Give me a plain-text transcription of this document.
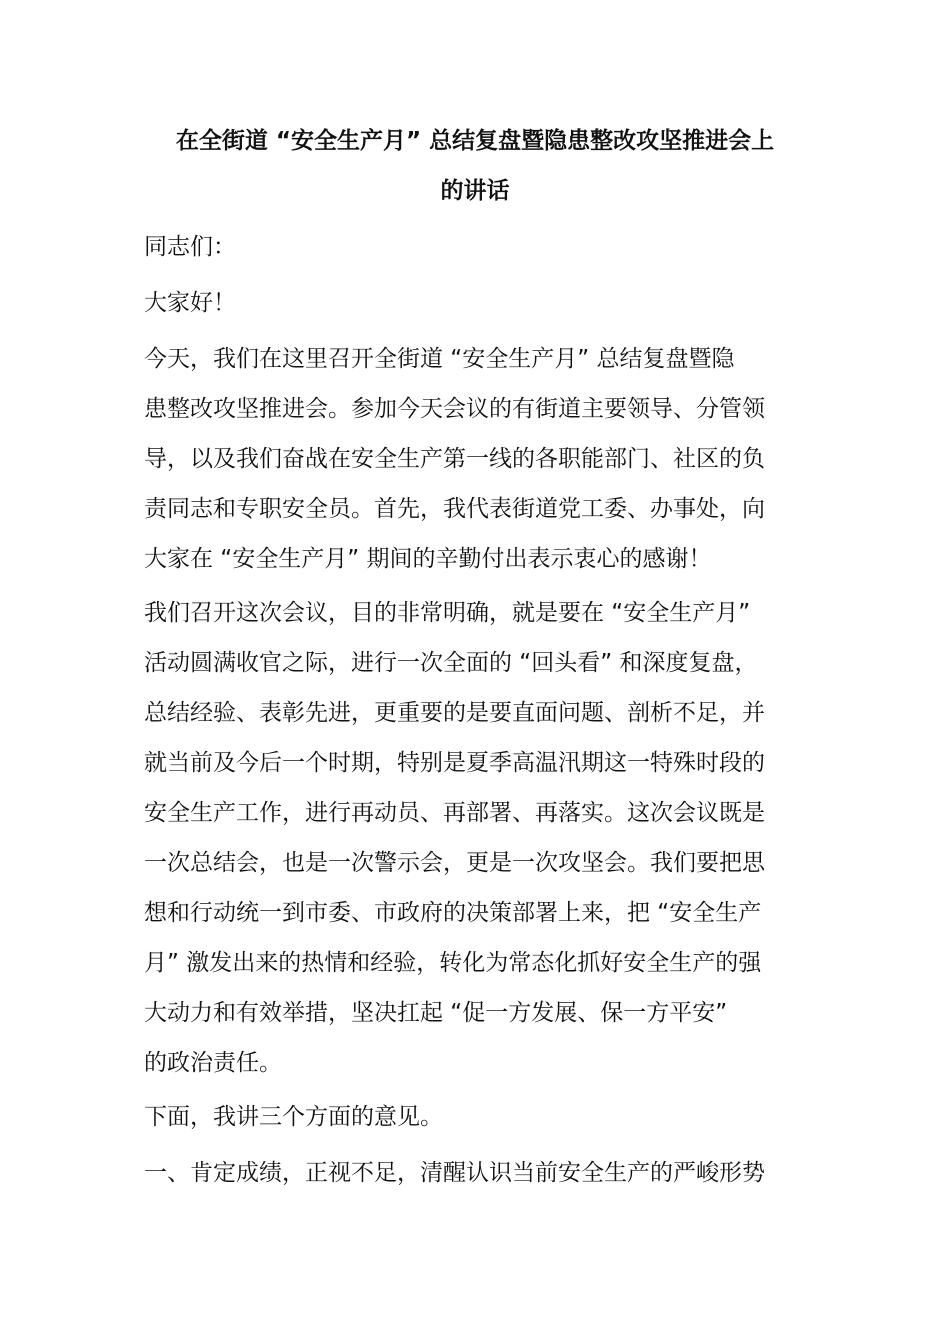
在全街道 “安全生产月” 总结复盘暨隐患整改攻坚推进会上
的讲话

同志们：

大家好！

今天，我们在这里召开全街道 “安全生产月” 总结复盘暨隐
患整改攻坚推进会。参加今天会议的有街道主要领导、分管领
导，以及我们奋战在安全生产第一线的各职能部门、社区的负
责同志和专职安全员。首先，我代表街道党工委、办事处，向
大家在 “安全生产月” 期间的辛勤付出表示衷心的感谢！

我们召开这次会议，目的非常明确，就是要在 “安全生产月”
活动圆满收官之际，进行一次全面的 “回头看” 和深度复盘，
总结经验、表彰先进，更重要的是要直面问题、剖析不足，并
就当前及今后一个时期，特别是夏季高温汛期这一特殊时段的
安全生产工作，进行再动员、再部署、再落实。这次会议既是
一次总结会，也是一次警示会，更是一次攻坚会。我们要把思
想和行动统一到市委、市政府的决策部署上来，把 “安全生产
月” 激发出来的热情和经验，转化为常态化抓好安全生产的强
大动力和有效举措，坚决扛起 “促一方发展、保一方平安”
的政治责任。

下面，我讲三个方面的意见。

一、肯定成绩，正视不足，清醒认识当前安全生产的严峻形势
